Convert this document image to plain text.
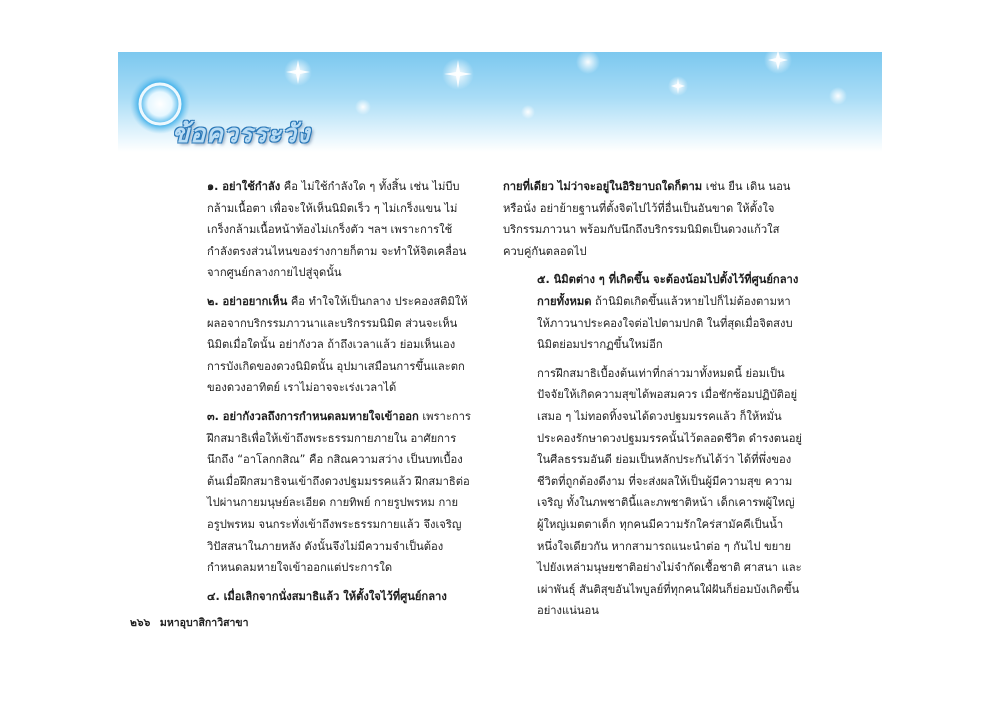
ข้อควรระวัง

๑. อย่าใช้กำลัง คือ ไม่ใช้กำลังใด ๆ ทั้งสิ้น เช่น ไม่บีบกล้ามเนื้อตา เพื่อจะให้เห็นนิมิตเร็ว ๆ ไม่เกร็งแขน ไม่เกร็งกล้ามเนื้อหน้าท้องไม่เกร็งตัว ฯลฯ เพราะการใช้กำลังตรงส่วนไหนของร่างกายก็ตาม จะทำให้จิตเคลื่อนจากศูนย์กลางกายไปสู่จุดนั้น

๒. อย่าอยากเห็น คือ ทำใจให้เป็นกลาง ประคองสติมิให้ผลอจากบริกรรมภาวนาและบริกรรมนิมิต ส่วนจะเห็นนิมิตเมื่อใดนั้น อย่ากังวล ถ้าถึงเวลาแล้ว ย่อมเห็นเอง การบังเกิดของดวงนิมิตนั้น อุปมาเสมือนการขึ้นและตกของดวงอาทิตย์ เราไม่อาจจะเร่งเวลาได้

๓. อย่ากังวลถึงการกำหนดลมหายใจเข้าออก เพราะการฝึกสมาธิเพื่อให้เข้าถึงพระธรรมกายภายใน อาศัยการนึกถึง “อาโลกกสิณ” คือ กสิณความสว่าง เป็นบทเบื้องต้นเมื่อฝึกสมาธิจนเข้าถึงดวงปฐมมรรคแล้ว ฝึกสมาธิต่อไปผ่านกายมนุษย์ละเอียด กายทิพย์ กายรูปพรหม กายอรูปพรหม จนกระทั่งเข้าถึงพระธรรมกายแล้ว จึงเจริญวิปัสสนาในภายหลัง ดังนั้นจึงไม่มีความจำเป็นต้องกำหนดลมหายใจเข้าออกแต่ประการใด

๔. เมื่อเลิกจากนั่งสมาธิแล้ว ให้ตั้งใจไว้ที่ศูนย์กลาง

กายที่เดียว ไม่ว่าจะอยู่ในอิริยาบถใดก็ตาม เช่น ยืน เดิน นอน หรือนั่ง อย่าย้ายฐานที่ตั้งจิตไปไว้ที่อื่นเป็นอันขาด ให้ตั้งใจบริกรรมภาวนา พร้อมกับนึกถึงบริกรรมนิมิตเป็นดวงแก้วใสควบคู่กันตลอดไป

๕. นิมิตต่าง ๆ ที่เกิดขึ้น จะต้องน้อมไปตั้งไว้ที่ศูนย์กลางกายทั้งหมด ถ้านิมิตเกิดขึ้นแล้วหายไปก็ไม่ต้องตามหา ให้ภาวนาประคองใจต่อไปตามปกติ ในที่สุดเมื่อจิตสงบ นิมิตย่อมปรากฏขึ้นใหม่อีก

การฝึกสมาธิเบื้องต้นเท่าที่กล่าวมาทั้งหมดนี้ ย่อมเป็นปัจจัยให้เกิดความสุขได้พอสมควร เมื่อชักซ้อมปฏิบัติอยู่เสมอ ๆ ไม่ทอดทิ้งจนได้ดวงปฐมมรรคแล้ว ก็ให้หมั่นประคองรักษาดวงปฐมมรรคนั้นไว้ตลอดชีวิต ดำรงตนอยู่ในศีลธรรมอันดี ย่อมเป็นหลักประกันได้ว่า ได้ที่พึ่งของชีวิตที่ถูกต้องดีงาม ที่จะส่งผลให้เป็นผู้มีความสุข ความเจริญ ทั้งในภพชาตินี้และภพชาติหน้า เด็กเคารพผู้ใหญ่ ผู้ใหญ่เมตตาเด็ก ทุกคนมีความรักใคร่สามัคคีเป็นน้ำหนึ่งใจเดียวกัน หากสามารถแนะนำต่อ ๆ กันไป ขยายไปยังเหล่ามนุษยชาติอย่างไม่จำกัดเชื้อชาติ ศาสนา และเผ่าพันธุ์ สันติสุขอันไพบูลย์ที่ทุกคนใฝ่ฝันก็ย่อมบังเกิดขึ้นอย่างแน่นอน

๒๖๖ มหาอุบาสิกาวิสาขา
